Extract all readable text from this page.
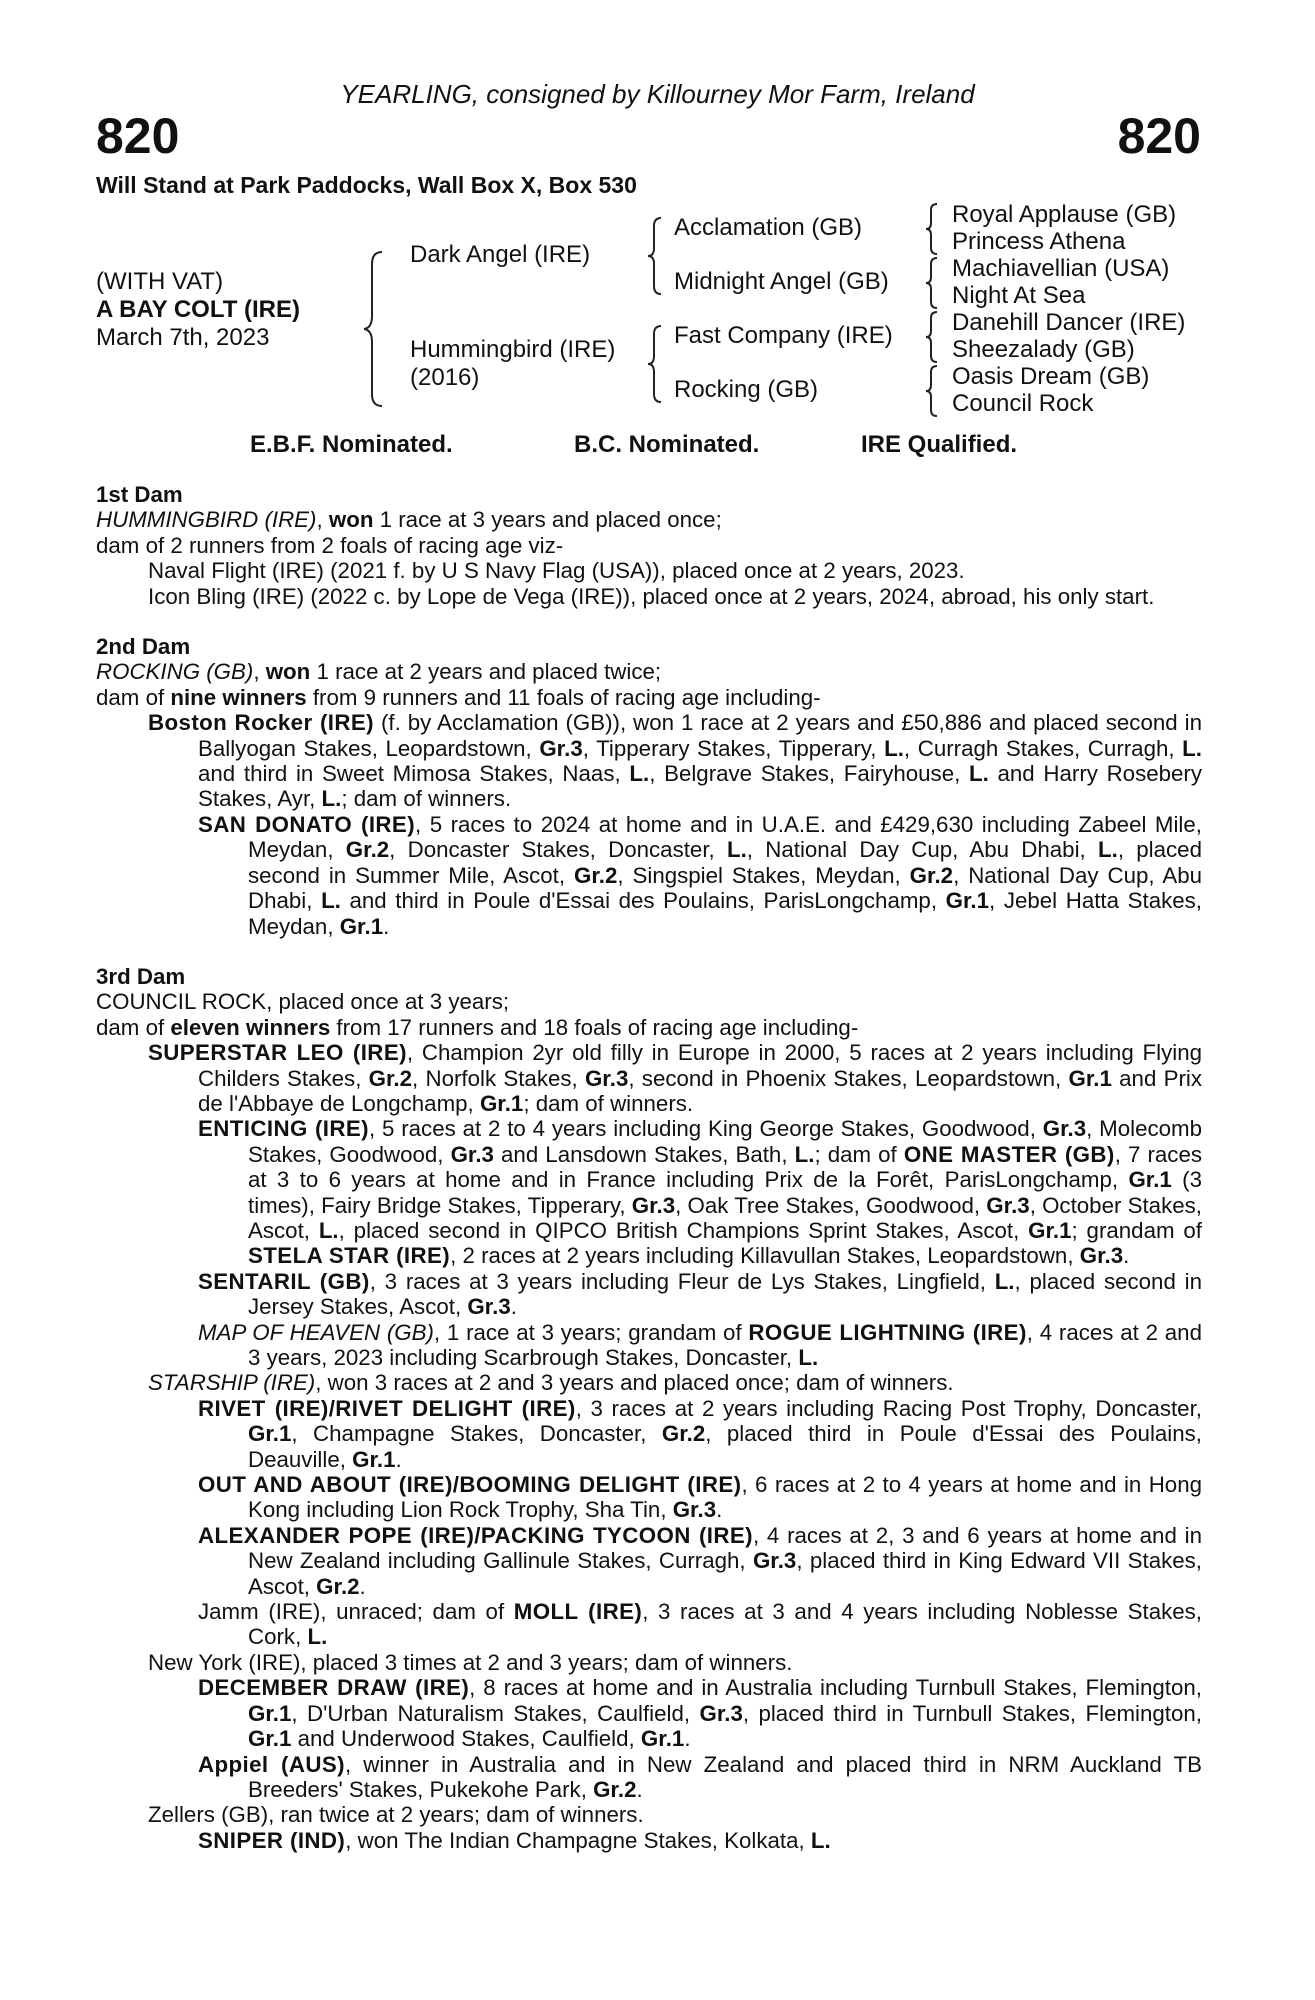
YEARLING, consigned by Killourney Mor Farm, Ireland
820	820
Will Stand at Park Paddocks, Wall Box X, Box 530
(WITH VAT)
A BAY COLT (IRE)
March 7th, 2023
Dark Angel (IRE)
Hummingbird (IRE)
(2016)
Acclamation (GB)
Midnight Angel (GB)
Fast Company (IRE)
Rocking (GB)
Royal Applause (GB)
Princess Athena
Machiavellian (USA)
Night At Sea
Danehill Dancer (IRE)
Sheezalady (GB)
Oasis Dream (GB)
Council Rock
E.B.F. Nominated.	B.C. Nominated.	IRE Qualified.
1st Dam
HUMMINGBIRD (IRE), won 1 race at 3 years and placed once;
dam of 2 runners from 2 foals of racing age viz-
Naval Flight (IRE) (2021 f. by U S Navy Flag (USA)), placed once at 2 years, 2023.
Icon Bling (IRE) (2022 c. by Lope de Vega (IRE)), placed once at 2 years, 2024, abroad, his only start.
2nd Dam
ROCKING (GB), won 1 race at 2 years and placed twice;
dam of nine winners from 9 runners and 11 foals of racing age including-
Boston Rocker (IRE) (f. by Acclamation (GB)), won 1 race at 2 years and £50,886 and placed second in Ballyogan Stakes, Leopardstown, Gr.3, Tipperary Stakes, Tipperary, L., Curragh Stakes, Curragh, L. and third in Sweet Mimosa Stakes, Naas, L., Belgrave Stakes, Fairyhouse, L. and Harry Rosebery Stakes, Ayr, L.; dam of winners.
SAN DONATO (IRE), 5 races to 2024 at home and in U.A.E. and £429,630 including Zabeel Mile, Meydan, Gr.2, Doncaster Stakes, Doncaster, L., National Day Cup, Abu Dhabi, L., placed second in Summer Mile, Ascot, Gr.2, Singspiel Stakes, Meydan, Gr.2, National Day Cup, Abu Dhabi, L. and third in Poule d'Essai des Poulains, ParisLongchamp, Gr.1, Jebel Hatta Stakes, Meydan, Gr.1.
3rd Dam
COUNCIL ROCK, placed once at 3 years;
dam of eleven winners from 17 runners and 18 foals of racing age including-
SUPERSTAR LEO (IRE), Champion 2yr old filly in Europe in 2000, 5 races at 2 years including Flying Childers Stakes, Gr.2, Norfolk Stakes, Gr.3, second in Phoenix Stakes, Leopardstown, Gr.1 and Prix de l'Abbaye de Longchamp, Gr.1; dam of winners.
ENTICING (IRE), 5 races at 2 to 4 years including King George Stakes, Goodwood, Gr.3, Molecomb Stakes, Goodwood, Gr.3 and Lansdown Stakes, Bath, L.; dam of ONE MASTER (GB), 7 races at 3 to 6 years at home and in France including Prix de la Forêt, ParisLongchamp, Gr.1 (3 times), Fairy Bridge Stakes, Tipperary, Gr.3, Oak Tree Stakes, Goodwood, Gr.3, October Stakes, Ascot, L., placed second in QIPCO British Champions Sprint Stakes, Ascot, Gr.1; grandam of STELA STAR (IRE), 2 races at 2 years including Killavullan Stakes, Leopardstown, Gr.3.
SENTARIL (GB), 3 races at 3 years including Fleur de Lys Stakes, Lingfield, L., placed second in Jersey Stakes, Ascot, Gr.3.
MAP OF HEAVEN (GB), 1 race at 3 years; grandam of ROGUE LIGHTNING (IRE), 4 races at 2 and 3 years, 2023 including Scarbrough Stakes, Doncaster, L.
STARSHIP (IRE), won 3 races at 2 and 3 years and placed once; dam of winners.
RIVET (IRE)/RIVET DELIGHT (IRE), 3 races at 2 years including Racing Post Trophy, Doncaster, Gr.1, Champagne Stakes, Doncaster, Gr.2, placed third in Poule d'Essai des Poulains, Deauville, Gr.1.
OUT AND ABOUT (IRE)/BOOMING DELIGHT (IRE), 6 races at 2 to 4 years at home and in Hong Kong including Lion Rock Trophy, Sha Tin, Gr.3.
ALEXANDER POPE (IRE)/PACKING TYCOON (IRE), 4 races at 2, 3 and 6 years at home and in New Zealand including Gallinule Stakes, Curragh, Gr.3, placed third in King Edward VII Stakes, Ascot, Gr.2.
Jamm (IRE), unraced; dam of MOLL (IRE), 3 races at 3 and 4 years including Noblesse Stakes, Cork, L.
New York (IRE), placed 3 times at 2 and 3 years; dam of winners.
DECEMBER DRAW (IRE), 8 races at home and in Australia including Turnbull Stakes, Flemington, Gr.1, D'Urban Naturalism Stakes, Caulfield, Gr.3, placed third in Turnbull Stakes, Flemington, Gr.1 and Underwood Stakes, Caulfield, Gr.1.
Appiel (AUS), winner in Australia and in New Zealand and placed third in NRM Auckland TB Breeders' Stakes, Pukekohe Park, Gr.2.
Zellers (GB), ran twice at 2 years; dam of winners.
SNIPER (IND), won The Indian Champagne Stakes, Kolkata, L.
